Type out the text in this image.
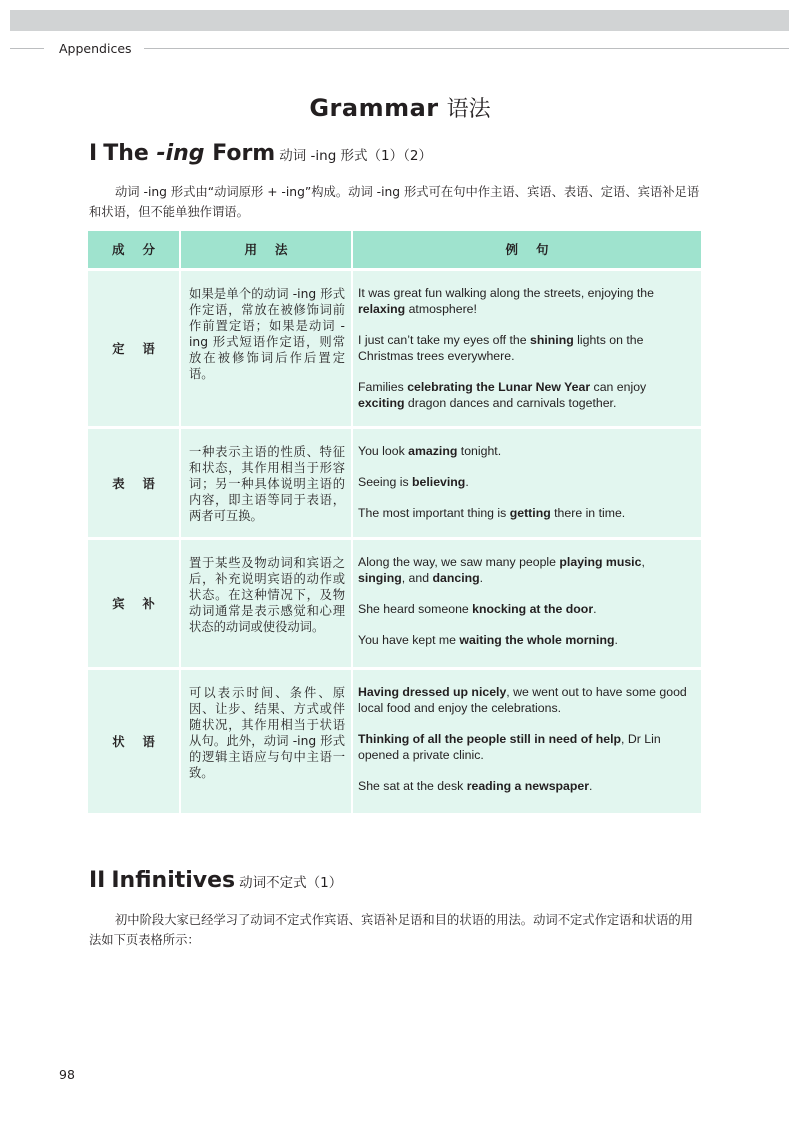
Appendices
Grammar 语法
I The -ing Form 动词 -ing 形式（1）（2）

动词 -ing 形式由“动词原形 + -ing”构成。动词 -ing 形式可在句中作主语、宾语、表语、定语、宾语补足语和状语，但不能单独作谓语。

成分	用法	例句
定语	如果是单个的动词 -ing 形式作定语，常放在被修饰词前作前置定语；如果是动词 -ing 形式短语作定语，则常放在被修饰词后作后置定语。	It was great fun walking along the streets, enjoying the relaxing atmosphere!

I just can’t take my eyes off the shining lights on the Christmas trees everywhere.

Families celebrating the Lunar New Year can enjoy exciting dragon dances and carnivals together.

表语	一种表示主语的性质、特征和状态，其作用相当于形容词；另一种具体说明主语的内容，即主语等同于表语，两者可互换。	You look amazing tonight.

Seeing is believing.

The most important thing is getting there in time.

宾补	置于某些及物动词和宾语之后，补充说明宾语的动作或状态。在这种情况下，及物动词通常是表示感觉和心理状态的动词或使役动词。	Along the way, we saw many people playing music, singing, and dancing.

She heard someone knocking at the door.

You have kept me waiting the whole morning.

状语	可以表示时间、条件、原因、让步、结果、方式或伴随状况，其作用相当于状语从句。此外，动词 -ing 形式的逻辑主语应与句中主语一致。	Having dressed up nicely, we went out to have some good local food and enjoy the celebrations.

Thinking of all the people still in need of help, Dr Lin opened a private clinic.

She sat at the desk reading a newspaper.

II Infinitives 动词不定式（1）

初中阶段大家已经学习了动词不定式作宾语、宾语补足语和目的状语的用法。动词不定式作定语和状语的用法如下页表格所示：

98
